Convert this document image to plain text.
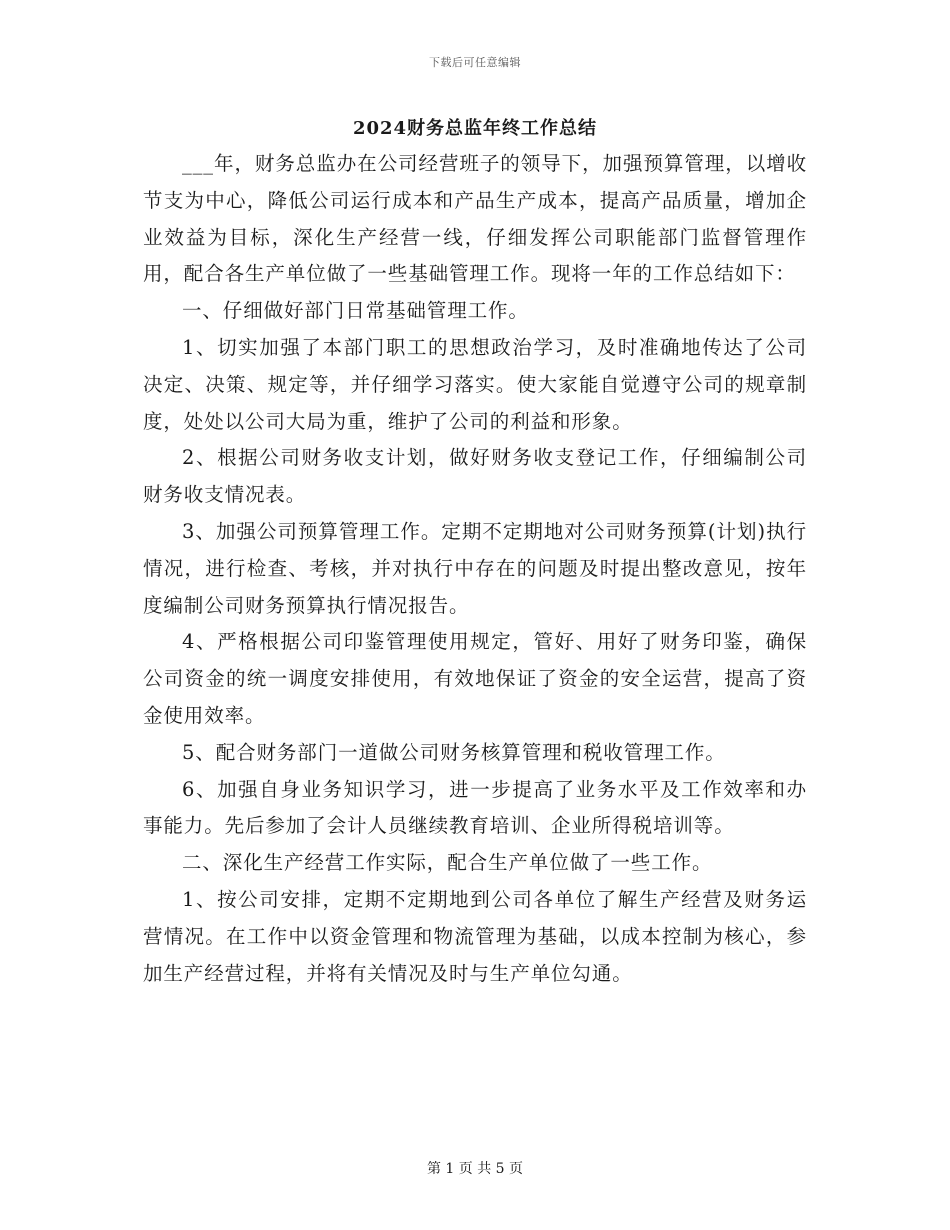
下载后可任意编辑
2024财务总监年终工作总结

___年，财务总监办在公司经营班子的领导下，加强预算管理，以增收节支为中心，降低公司运行成本和产品生产成本，提高产品质量，增加企业效益为目标，深化生产经营一线，仔细发挥公司职能部门监督管理作用，配合各生产单位做了一些基础管理工作。现将一年的工作总结如下：

一、仔细做好部门日常基础管理工作。

1、切实加强了本部门职工的思想政治学习，及时准确地传达了公司决定、决策、规定等，并仔细学习落实。使大家能自觉遵守公司的规章制度，处处以公司大局为重，维护了公司的利益和形象。

2、根据公司财务收支计划，做好财务收支登记工作，仔细编制公司财务收支情况表。

3、加强公司预算管理工作。定期不定期地对公司财务预算(计划)执行情况，进行检查、考核，并对执行中存在的问题及时提出整改意见，按年度编制公司财务预算执行情况报告。

4、严格根据公司印鉴管理使用规定，管好、用好了财务印鉴，确保公司资金的统一调度安排使用，有效地保证了资金的安全运营，提高了资金使用效率。

5、配合财务部门一道做公司财务核算管理和税收管理工作。

6、加强自身业务知识学习，进一步提高了业务水平及工作效率和办事能力。先后参加了会计人员继续教育培训、企业所得税培训等。

二、深化生产经营工作实际，配合生产单位做了一些工作。

1、按公司安排，定期不定期地到公司各单位了解生产经营及财务运营情况。在工作中以资金管理和物流管理为基础，以成本控制为核心，参加生产经营过程，并将有关情况及时与生产单位勾通。

第 1 页 共 5 页
